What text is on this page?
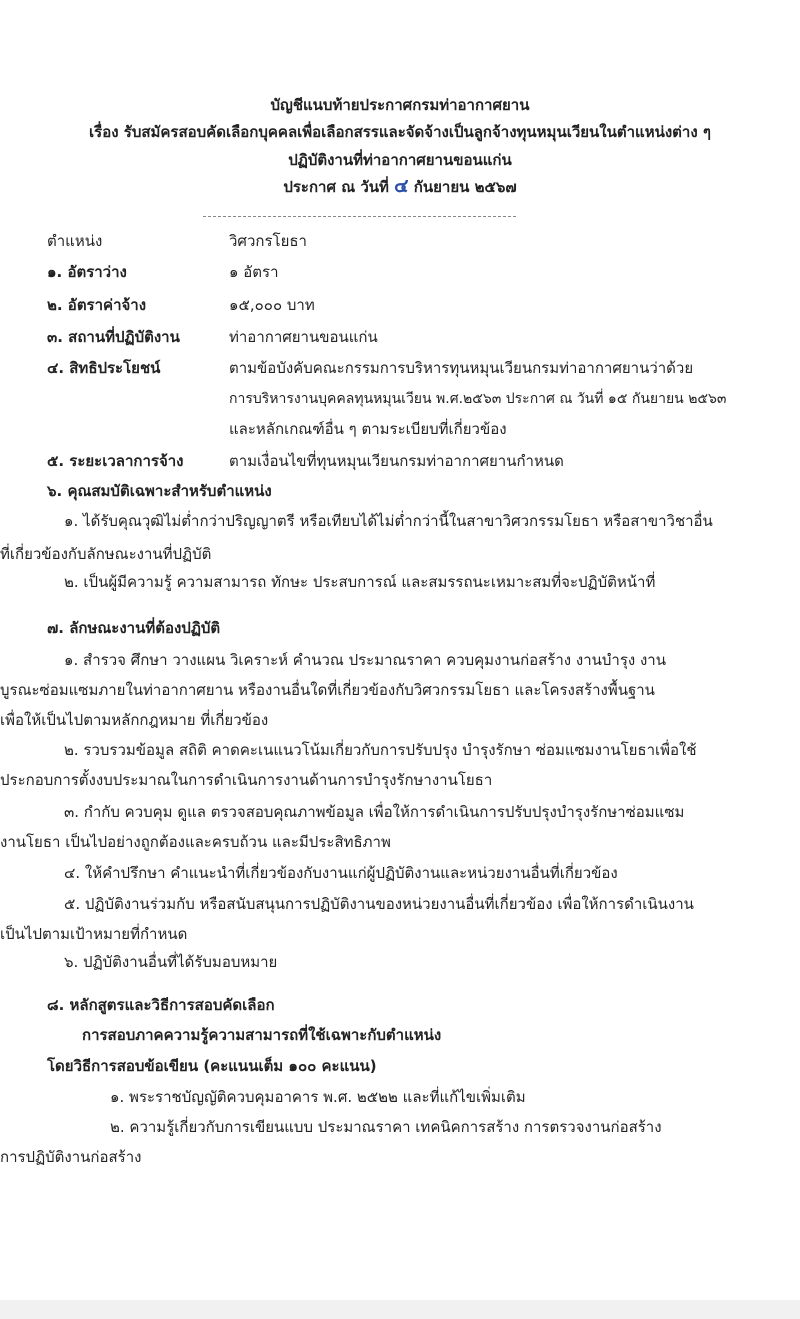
บัญชีแนบท้ายประกาศกรมท่าอากาศยาน
เรื่อง รับสมัครสอบคัดเลือกบุคคลเพื่อเลือกสรรและจัดจ้างเป็นลูกจ้างทุนหมุนเวียนในตำแหน่งต่าง ๆ
ปฏิบัติงานที่ท่าอากาศยานขอนแก่น
ประกาศ ณ วันที่ ๔ กันยายน ๒๕๖๗
ตำแหน่ง	วิศวกรโยธา
๑. อัตราว่าง	๑ อัตรา
๒. อัตราค่าจ้าง	๑๕,๐๐๐ บาท
๓. สถานที่ปฏิบัติงาน	ท่าอากาศยานขอนแก่น
๔. สิทธิประโยชน์	ตามข้อบังคับคณะกรรมการบริหารทุนหมุนเวียนกรมท่าอากาศยานว่าด้วย
การบริหารงานบุคคลทุนหมุนเวียน พ.ศ.๒๕๖๓ ประกาศ ณ วันที่ ๑๕ กันยายน ๒๕๖๓
และหลักเกณฑ์อื่น ๆ ตามระเบียบที่เกี่ยวข้อง
๕. ระยะเวลาการจ้าง	ตามเงื่อนไขที่ทุนหมุนเวียนกรมท่าอากาศยานกำหนด
๖. คุณสมบัติเฉพาะสำหรับตำแหน่ง
๑. ได้รับคุณวุฒิไม่ต่ำกว่าปริญญาตรี หรือเทียบได้ไม่ต่ำกว่านี้ในสาขาวิศวกรรมโยธา หรือสาขาวิชาอื่น
ที่เกี่ยวข้องกับลักษณะงานที่ปฏิบัติ
๒. เป็นผู้มีความรู้ ความสามารถ ทักษะ ประสบการณ์ และสมรรถนะเหมาะสมที่จะปฏิบัติหน้าที่
๗. ลักษณะงานที่ต้องปฏิบัติ
๑. สำรวจ ศึกษา วางแผน วิเคราะห์ คำนวณ ประมาณราคา ควบคุมงานก่อสร้าง งานบำรุง งาน
บูรณะซ่อมแซมภายในท่าอากาศยาน หรืองานอื่นใดที่เกี่ยวข้องกับวิศวกรรมโยธา และโครงสร้างพื้นฐาน
เพื่อให้เป็นไปตามหลักกฎหมาย ที่เกี่ยวข้อง
๒. รวบรวมข้อมูล สถิติ คาดคะเนแนวโน้มเกี่ยวกับการปรับปรุง บำรุงรักษา ซ่อมแซมงานโยธาเพื่อใช้
ประกอบการตั้งงบประมาณในการดำเนินการงานด้านการบำรุงรักษางานโยธา
๓. กำกับ ควบคุม ดูแล ตรวจสอบคุณภาพข้อมูล เพื่อให้การดำเนินการปรับปรุงบำรุงรักษาซ่อมแซม
งานโยธา เป็นไปอย่างถูกต้องและครบถ้วน และมีประสิทธิภาพ
๔. ให้คำปรึกษา คำแนะนำที่เกี่ยวข้องกับงานแก่ผู้ปฏิบัติงานและหน่วยงานอื่นที่เกี่ยวข้อง
๕. ปฏิบัติงานร่วมกับ หรือสนับสนุนการปฏิบัติงานของหน่วยงานอื่นที่เกี่ยวข้อง เพื่อให้การดำเนินงาน
เป็นไปตามเป้าหมายที่กำหนด
๖. ปฏิบัติงานอื่นที่ได้รับมอบหมาย
๘. หลักสูตรและวิธีการสอบคัดเลือก
การสอบภาคความรู้ความสามารถที่ใช้เฉพาะกับตำแหน่ง
โดยวิธีการสอบข้อเขียน (คะแนนเต็ม ๑๐๐ คะแนน)
๑. พระราชบัญญัติควบคุมอาคาร พ.ศ. ๒๕๒๒ และที่แก้ไขเพิ่มเติม
๒. ความรู้เกี่ยวกับการเขียนแบบ ประมาณราคา เทคนิคการสร้าง การตรวจงานก่อสร้าง
การปฏิบัติงานก่อสร้าง
